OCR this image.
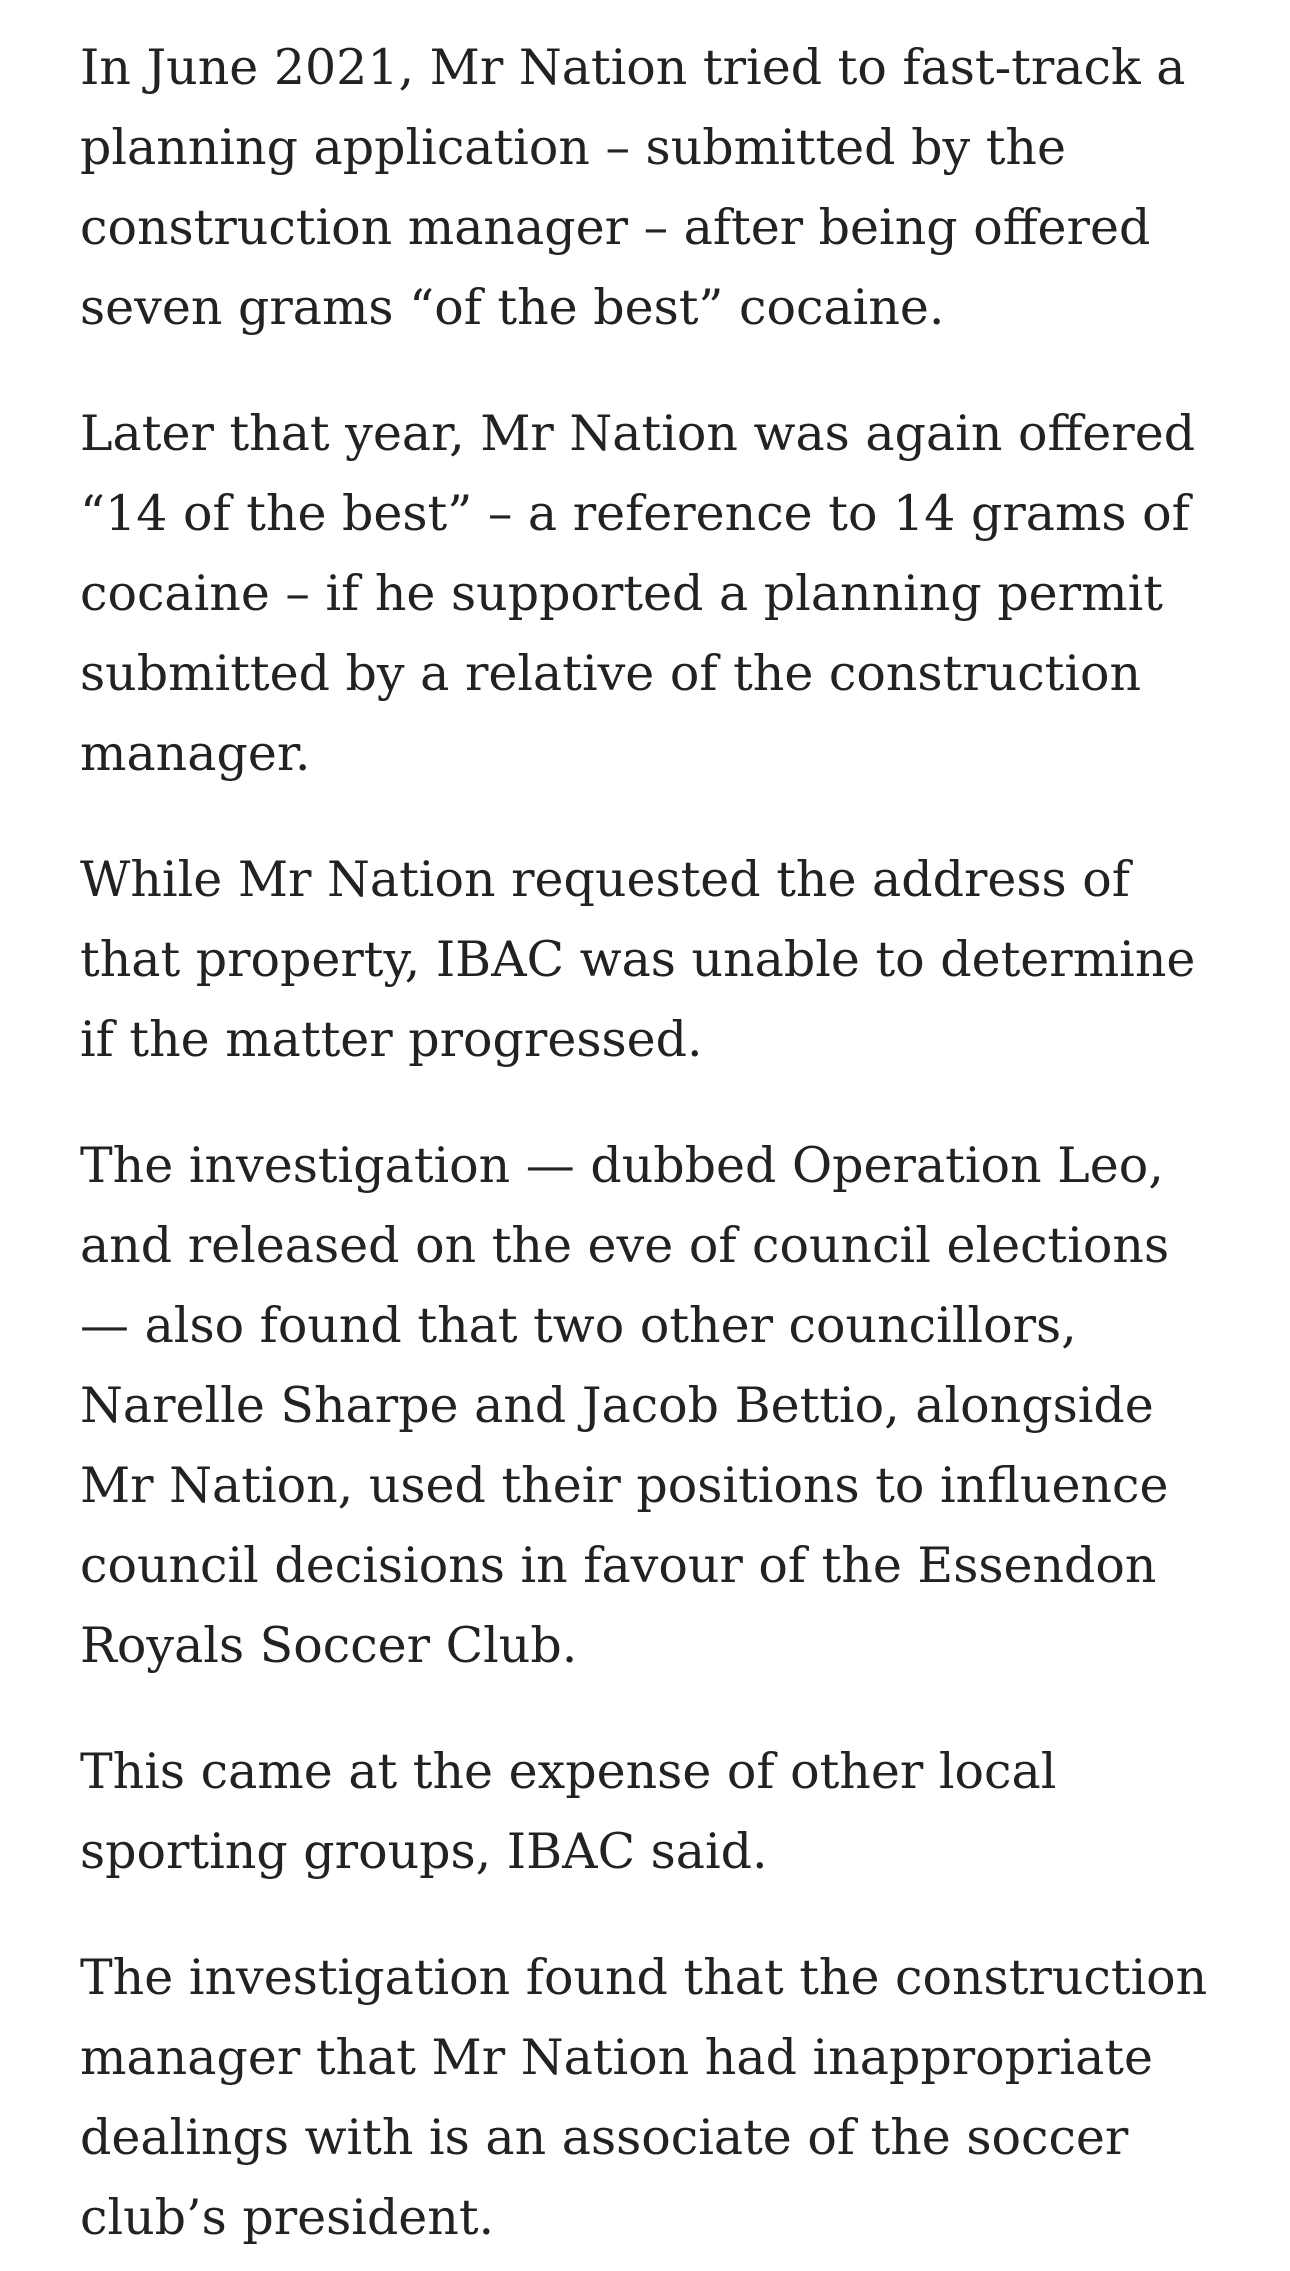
In June 2021, Mr Nation tried to fast-track a planning application – submitted by the construction manager – after being offered seven grams “of the best” cocaine.

Later that year, Mr Nation was again offered “14 of the best” – a reference to 14 grams of cocaine – if he supported a planning permit submitted by a relative of the construction manager.

While Mr Nation requested the address of that property, IBAC was unable to determine if the matter progressed.

The investigation — dubbed Operation Leo, and released on the eve of council elections — also found that two other councillors, Narelle Sharpe and Jacob Bettio, alongside Mr Nation, used their positions to influence council decisions in favour of the Essendon Royals Soccer Club.

This came at the expense of other local sporting groups, IBAC said.

The investigation found that the construction manager that Mr Nation had inappropriate dealings with is an associate of the soccer club’s president.
